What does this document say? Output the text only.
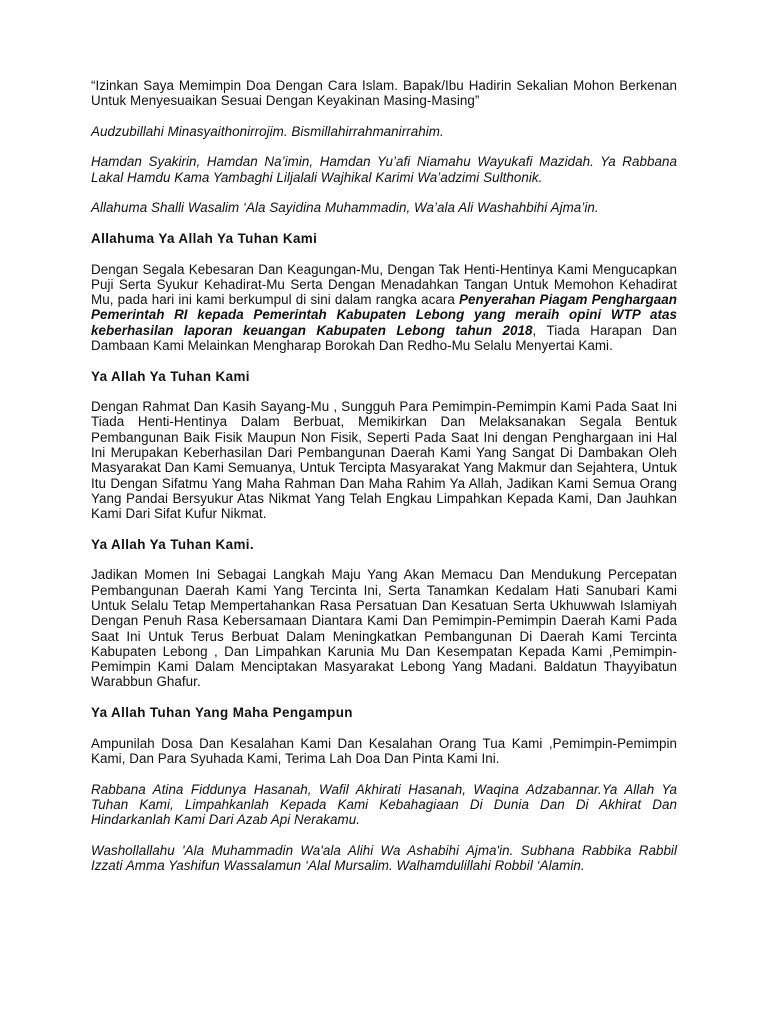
“Izinkan Saya Memimpin Doa Dengan Cara Islam. Bapak/Ibu Hadirin Sekalian Mohon Berkenan Untuk Menyesuaikan Sesuai Dengan Keyakinan Masing-Masing”

Audzubillahi Minasyaithonirrojim. Bismillahirrahmanirrahim.

Hamdan Syakirin, Hamdan Na’imin, Hamdan Yu’afi Niamahu Wayukafi Mazidah. Ya Rabbana Lakal Hamdu Kama Yambaghi Liljalali Wajhikal Karimi Wa’adzimi Sulthonik.

Allahuma Shalli Wasalim ‘Ala Sayidina Muhammadin, Wa’ala Ali Washahbihi Ajma’in.

Allahuma Ya Allah Ya Tuhan Kami

Dengan Segala Kebesaran Dan Keagungan-Mu, Dengan Tak Henti-Hentinya Kami Mengucapkan Puji Serta Syukur Kehadirat-Mu Serta Dengan Menadahkan Tangan Untuk Memohon Kehadirat Mu, pada hari ini kami berkumpul di sini dalam rangka acara Penyerahan Piagam Penghargaan Pemerintah RI kepada Pemerintah Kabupaten Lebong yang meraih opini WTP atas keberhasilan laporan keuangan Kabupaten Lebong tahun 2018, Tiada Harapan Dan Dambaan Kami Melainkan Mengharap Borokah Dan Redho-Mu Selalu Menyertai Kami.

Ya Allah Ya Tuhan Kami

Dengan Rahmat Dan Kasih Sayang-Mu , Sungguh Para Pemimpin-Pemimpin Kami Pada Saat Ini Tiada Henti-Hentinya Dalam Berbuat, Memikirkan Dan Melaksanakan Segala Bentuk Pembangunan Baik Fisik Maupun Non Fisik, Seperti Pada Saat Ini dengan Penghargaan ini Hal Ini Merupakan Keberhasilan Dari Pembangunan Daerah Kami Yang Sangat Di Dambakan Oleh Masyarakat Dan Kami Semuanya, Untuk Tercipta Masyarakat Yang Makmur dan Sejahtera, Untuk Itu Dengan Sifatmu Yang Maha Rahman Dan Maha Rahim Ya Allah, Jadikan Kami Semua Orang Yang Pandai Bersyukur Atas Nikmat Yang Telah Engkau Limpahkan Kepada Kami, Dan Jauhkan Kami Dari Sifat Kufur Nikmat.

Ya Allah Ya Tuhan Kami.

Jadikan Momen Ini Sebagai Langkah Maju Yang Akan Memacu Dan Mendukung Percepatan Pembangunan Daerah Kami Yang Tercinta Ini, Serta Tanamkan Kedalam Hati Sanubari Kami Untuk Selalu Tetap Mempertahankan Rasa Persatuan Dan Kesatuan Serta Ukhuwwah Islamiyah Dengan Penuh Rasa Kebersamaan Diantara Kami Dan Pemimpin-Pemimpin Daerah Kami Pada Saat Ini Untuk Terus Berbuat Dalam Meningkatkan Pembangunan Di Daerah Kami Tercinta Kabupaten Lebong , Dan Limpahkan Karunia Mu Dan Kesempatan Kepada Kami ,Pemimpin-Pemimpin Kami Dalam Menciptakan Masyarakat Lebong Yang Madani. Baldatun Thayyibatun Warabbun Ghafur.

Ya Allah Tuhan Yang Maha Pengampun

Ampunilah Dosa Dan Kesalahan Kami Dan Kesalahan Orang Tua Kami ,Pemimpin-Pemimpin Kami, Dan Para Syuhada Kami, Terima Lah Doa Dan Pinta Kami Ini.

Rabbana Atina Fiddunya Hasanah, Wafil Akhirati Hasanah, Waqina Adzabannar.Ya Allah Ya Tuhan Kami, Limpahkanlah Kepada Kami Kebahagiaan Di Dunia Dan Di Akhirat Dan Hindarkanlah Kami Dari Azab Api Nerakamu.

Washollallahu 'Ala Muhammadin Wa'ala Alihi Wa Ashabihi Ajma'in. Subhana Rabbika Rabbil Izzati Amma Yashifun Wassalamun ‘Alal Mursalim. Walhamdulillahi Robbil ‘Alamin.
